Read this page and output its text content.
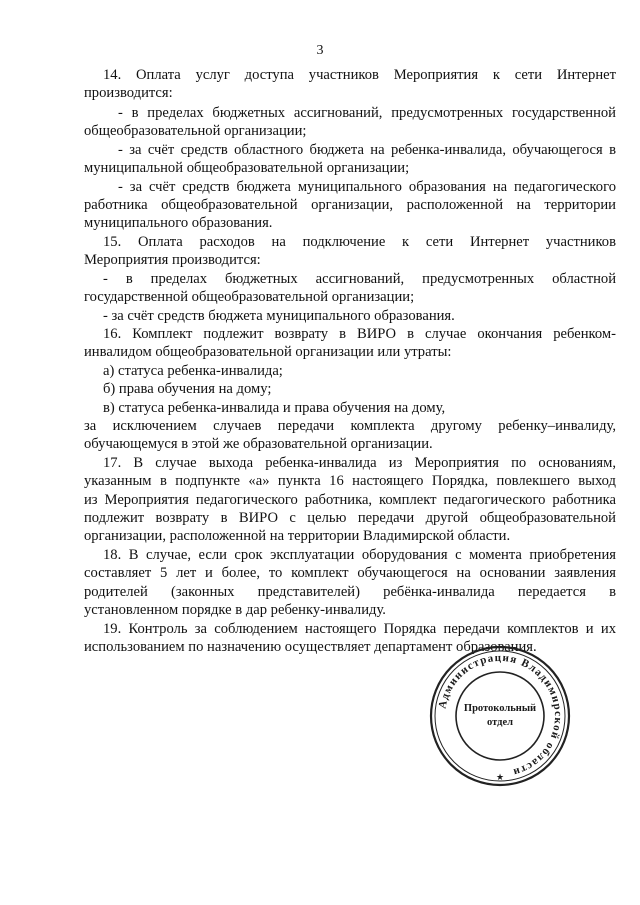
3
14. Оплата услуг доступа участников Мероприятия к сети Интернет
производится:
- в пределах бюджетных ассигнований, предусмотренных государственной
общеобразовательной организации;
- за счёт средств областного бюджета на ребенка-инвалида, обучающегося в
муниципальной общеобразовательной организации;
- за счёт средств бюджета муниципального образования на педагогического
работника общеобразовательной организации, расположенной на территории
муниципального образования.
15. Оплата расходов на подключение к сети Интернет участников
Мероприятия производится:
- в пределах бюджетных ассигнований, предусмотренных областной
государственной общеобразовательной организации;
- за счёт средств бюджета муниципального образования.
16. Комплект подлежит возврату в ВИРО в случае окончания ребенком-
инвалидом общеобразовательной организации или утраты:
а) статуса ребенка-инвалида;
б) права обучения на дому;
в) статуса ребенка-инвалида и права обучения на дому,
за исключением случаев передачи комплекта другому ребенку–инвалиду,
обучающемуся в этой же образовательной организации.
17. В случае выхода ребенка-инвалида из Мероприятия по основаниям,
указанным в подпункте «а» пункта 16 настоящего Порядка, повлекшего выход
из Мероприятия педагогического работника, комплект педагогического работника
подлежит возврату в ВИРО с целью передачи другой общеобразовательной
организации, расположенной на территории Владимирской области.
18. В случае, если срок эксплуатации оборудования с момента приобретения
составляет 5 лет и более, то комплект обучающегося на основании заявления
родителей (законных представителей) ребёнка-инвалида передается в
установленном порядке в дар ребенку-инвалиду.
19. Контроль за соблюдением настоящего Порядка передачи комплектов и их
использованием по назначению осуществляет департамент образования.
Администрация Владимирской области
★
Протокольный
отдел
